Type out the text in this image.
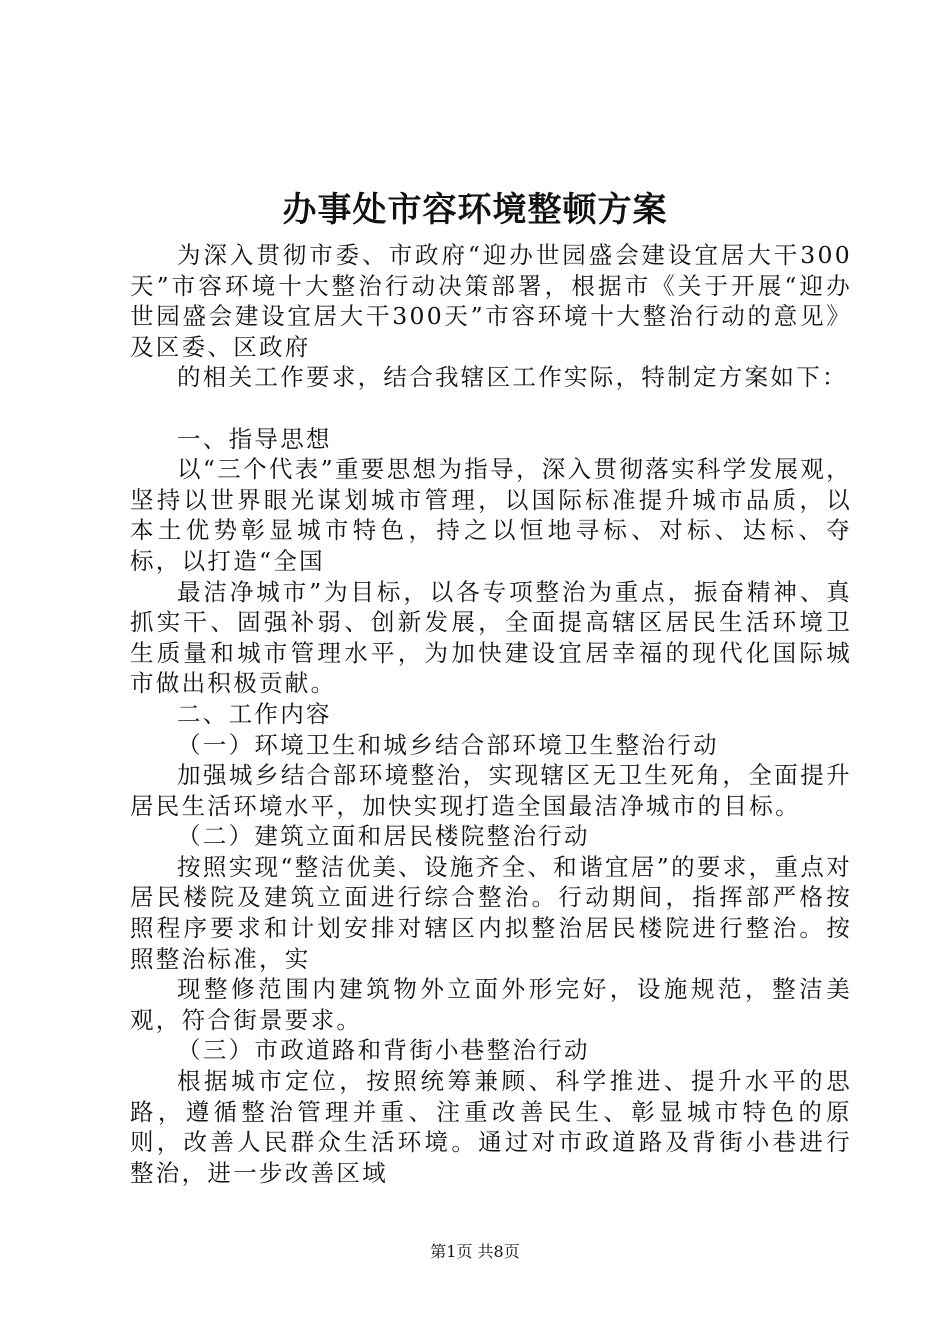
办事处市容环境整顿方案

为深入贯彻市委、市政府“迎办世园盛会建设宜居大干300天”市容环境十大整治行动决策部署，根据市《关于开展“迎办世园盛会建设宜居大干300天”市容环境十大整治行动的意见》及区委、区政府

的相关工作要求，结合我辖区工作实际，特制定方案如下：

一、指导思想

以“三个代表”重要思想为指导，深入贯彻落实科学发展观，坚持以世界眼光谋划城市管理，以国际标准提升城市品质，以本土优势彰显城市特色，持之以恒地寻标、对标、达标、夺标，以打造“全国

最洁净城市”为目标，以各专项整治为重点，振奋精神、真抓实干、固强补弱、创新发展，全面提高辖区居民生活环境卫生质量和城市管理水平，为加快建设宜居幸福的现代化国际城市做出积极贡献。

二、工作内容

（一）环境卫生和城乡结合部环境卫生整治行动

加强城乡结合部环境整治，实现辖区无卫生死角，全面提升居民生活环境水平，加快实现打造全国最洁净城市的目标。

（二）建筑立面和居民楼院整治行动

按照实现“整洁优美、设施齐全、和谐宜居”的要求，重点对居民楼院及建筑立面进行综合整治。行动期间，指挥部严格按照程序要求和计划安排对辖区内拟整治居民楼院进行整治。按照整治标准，实

现整修范围内建筑物外立面外形完好，设施规范，整洁美观，符合街景要求。

（三）市政道路和背街小巷整治行动

根据城市定位，按照统筹兼顾、科学推进、提升水平的思路，遵循整治管理并重、注重改善民生、彰显城市特色的原则，改善人民群众生活环境。通过对市政道路及背街小巷进行整治，进一步改善区域

第1页 共8页
